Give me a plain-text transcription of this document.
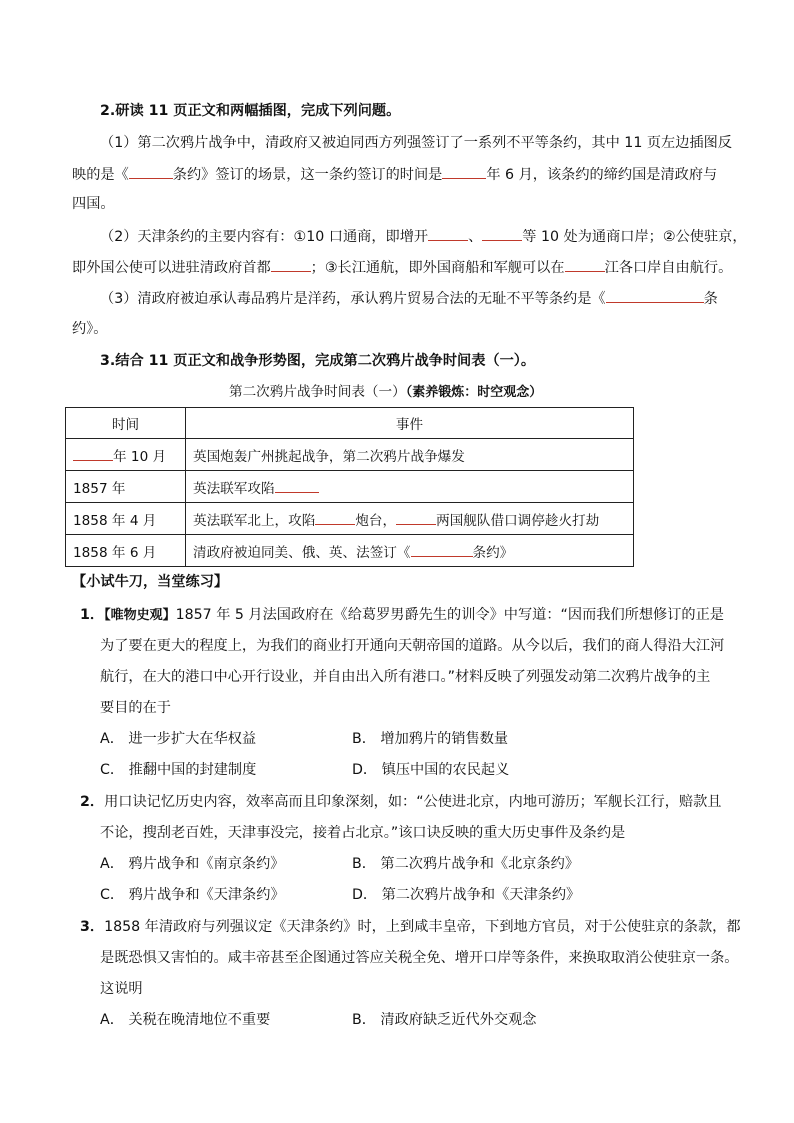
2.研读 11 页正文和两幅插图，完成下列问题。
（1）第二次鸦片战争中，清政府又被迫同西方列强签订了一系列不平等条约，其中 11 页左边插图反
映的是《	条约》签订的场景，这一条约签订的时间是	年 6 月，该条约的缔约国是清政府与
四国。
（2）天津条约的主要内容有：①10 口通商，即增开	、	等 10 处为通商口岸；②公使驻京，
即外国公使可以进驻清政府首都	；③长江通航，即外国商船和军舰可以在	江各口岸自由航行。
（3）清政府被迫承认毒品鸦片是洋药，承认鸦片贸易合法的无耻不平等条约是《	条
约》。
3.结合 11 页正文和战争形势图，完成第二次鸦片战争时间表（一）。
第二次鸦片战争时间表（一）（素养锻炼：时空观念）
时间	事件
年 10 月	英国炮轰广州挑起战争，第二次鸦片战争爆发
1857 年	英法联军攻陷
1858 年 4 月	英法联军北上，攻陷 炮台， 两国舰队借口调停趁火打劫
1858 年 6 月	清政府被迫同美、俄、英、法签订《 条约》
【小试牛刀，当堂练习】
1．【唯物史观】1857 年 5 月法国政府在《给葛罗男爵先生的训令》中写道：“因而我们所想修订的正是
为了要在更大的程度上，为我们的商业打开通向天朝帝国的道路。从今以后，我们的商人得沿大江河
航行，在大的港口中心开行设业，并自由出入所有港口。”材料反映了列强发动第二次鸦片战争的主
要目的在于
A． 进一步扩大在华权益	B． 增加鸦片的销售数量
C． 推翻中国的封建制度	D． 镇压中国的农民起义
2．用口诀记忆历史内容，效率高而且印象深刻，如：“公使进北京，内地可游历；军舰长江行，赔款且
不论，搜刮老百姓，天津事没完，接着占北京。”该口诀反映的重大历史事件及条约是
A． 鸦片战争和《南京条约》	B． 第二次鸦片战争和《北京条约》
C． 鸦片战争和《天津条约》	D． 第二次鸦片战争和《天津条约》
3．1858 年清政府与列强议定《天津条约》时，上到咸丰皇帝，下到地方官员，对于公使驻京的条款，都
是既恐惧又害怕的。咸丰帝甚至企图通过答应关税全免、增开口岸等条件，来换取取消公使驻京一条。
这说明
A． 关税在晚清地位不重要	B． 清政府缺乏近代外交观念
